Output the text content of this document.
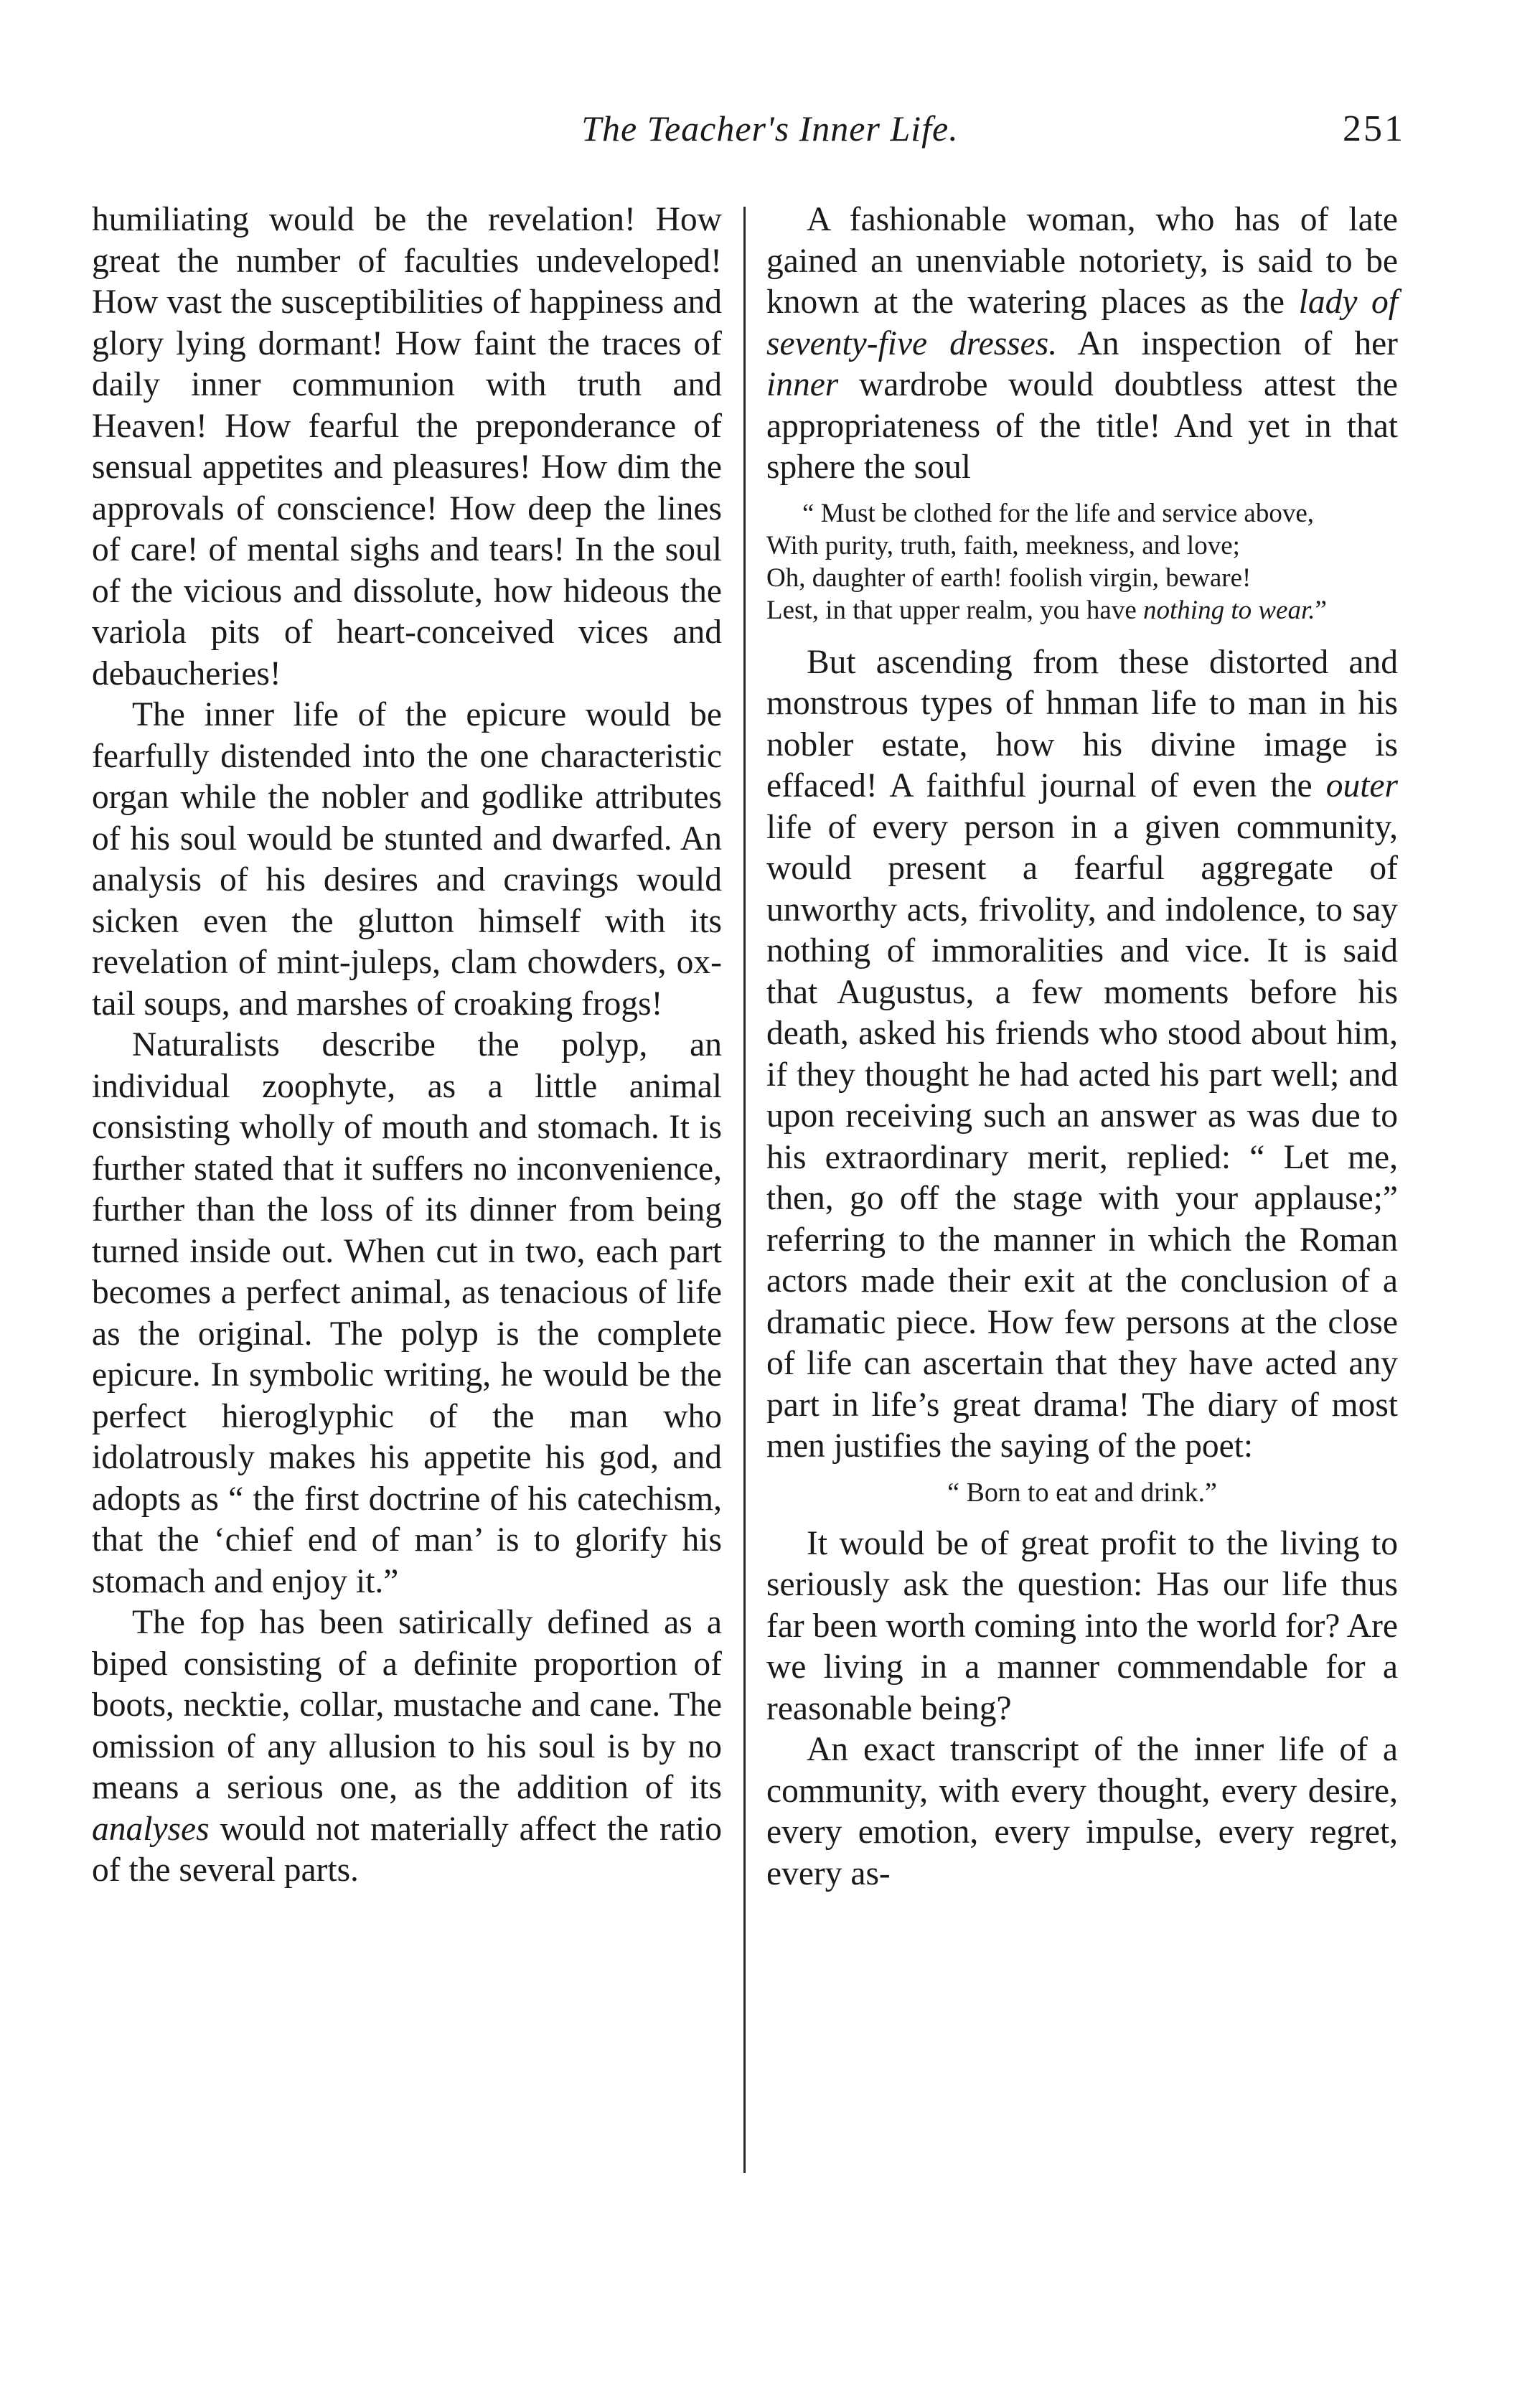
The Teacher's Inner Life.	251

humiliating would be the revelation! How great the number of faculties undeveloped! How vast the susceptibilities of happiness and glory lying dormant! How faint the traces of daily inner communion with truth and Heaven! How fearful the preponderance of sensual appetites and pleasures! How dim the approvals of conscience! How deep the lines of care! of mental sighs and tears! In the soul of the vicious and dissolute, how hideous the variola pits of heart-conceived vices and debaucheries!

The inner life of the epicure would be fearfully distended into the one characteristic organ while the nobler and godlike attributes of his soul would be stunted and dwarfed. An analysis of his desires and cravings would sicken even the glutton himself with its revelation of mint-juleps, clam chowders, ox-tail soups, and marshes of croaking frogs!

Naturalists describe the polyp, an individual zoophyte, as a little animal consisting wholly of mouth and stomach. It is further stated that it suffers no inconvenience, further than the loss of its dinner from being turned inside out. When cut in two, each part becomes a perfect animal, as tenacious of life as the original. The polyp is the complete epicure. In symbolic writing, he would be the perfect hieroglyphic of the man who idolatrously makes his appetite his god, and adopts as “ the first doctrine of his catechism, that the ‘chief end of man’ is to glorify his stomach and enjoy it.”

The fop has been satirically defined as a biped consisting of a definite proportion of boots, necktie, collar, mustache and cane. The omission of any allusion to his soul is by no means a serious one, as the addition of its analyses would not materially affect the ratio of the several parts.

A fashionable woman, who has of late gained an unenviable notoriety, is said to be known at the watering places as the lady of seventy-five dresses. An inspection of her inner wardrobe would doubtless attest the appropriateness of the title! And yet in that sphere the soul

“ Must be clothed for the life and service above,
With purity, truth, faith, meekness, and love;
Oh, daughter of earth! foolish virgin, beware!
Lest, in that upper realm, you have nothing to wear.”

But ascending from these distorted and monstrous types of hnman life to man in his nobler estate, how his divine image is effaced! A faithful journal of even the outer life of every person in a given community, would present a fearful aggregate of unworthy acts, frivolity, and indolence, to say nothing of immoralities and vice. It is said that Augustus, a few moments before his death, asked his friends who stood about him, if they thought he had acted his part well; and upon receiving such an answer as was due to his extraordinary merit, replied: “ Let me, then, go off the stage with your applause;” referring to the manner in which the Roman actors made their exit at the conclusion of a dramatic piece. How few persons at the close of life can ascertain that they have acted any part in life’s great drama! The diary of most men justifies the saying of the poet:

“ Born to eat and drink.”

It would be of great profit to the living to seriously ask the question: Has our life thus far been worth coming into the world for? Are we living in a manner commendable for a reasonable being?

An exact transcript of the inner life of a community, with every thought, every desire, every emotion, every impulse, every regret, every as-
